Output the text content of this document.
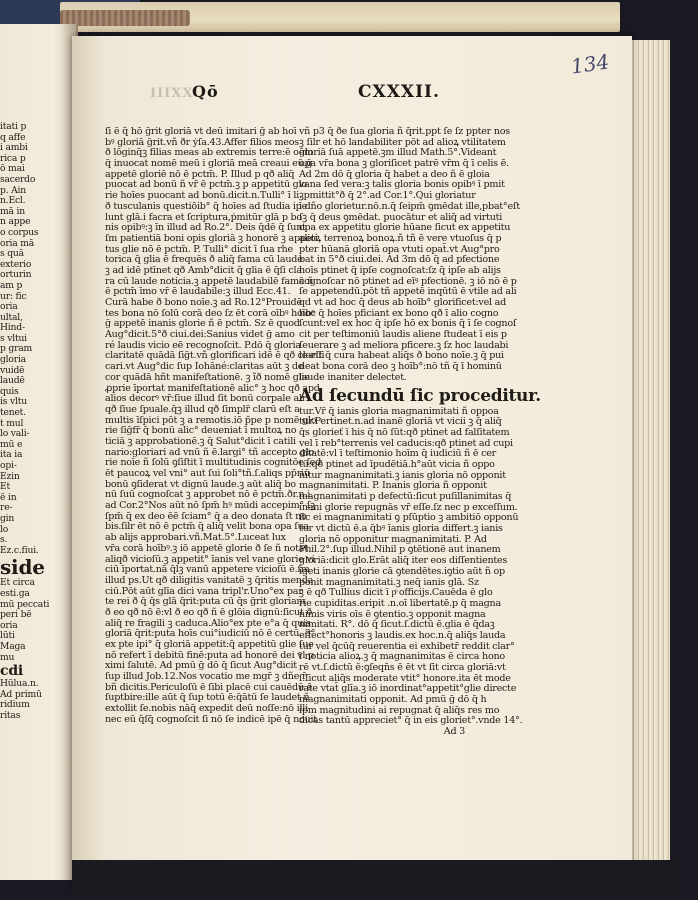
itati p
q affe
i ambi
rica p
ō mai
sacerdo
p. Ain
n.Ecl.
mā in
n appe
o corpus
oria mā
s quā
exterio
orturin
am p
ur: fic
oria
ultal,
Hind-
s vltui
p gram
gloria
vuidē
laudē
quis
is vltu
tenet.
t mul
lo vali-
mū e
ita ia
opi-
Ezin
Et
ē in
re-
gin
lo
s.
Ez.c.fiui.
side
Et circa
esti.ga
mū peccati
peri bē
oria
lūti
Maga
mu
cdi
Hūlua.n.
Ad primū
ridium
ritas
134
IIIXX
Qō	CXXXII.
ſi ē q̄ hō ḡrit gloriā vt deū imitari ḡ ab hoī
bꝰ gloriā ḡrit.vñ ðr ẏſa.43.Affer filios meos
ð lōginq̄ꝫ filias meas ab extremis terre:ē oēm
q̄ inuocat nomē meū i gloriā meā creaui eū.ḡ
appetē gloriē nō ē pctm̄. P. Illud p qð aliq̄
puocat ad bonū ñ vr̄ ē pctm̄.ꝫ p appetitū glo
rie hoīes puocant ad bonū.dicit.n.Tulli° ī li.
ð tusculanis questiōib° q̄ hoīes ad ſtudia ipe
lunt glā.i facra et ſcriptura,ṗmitūr glā p bo
nis opibꝰ:ꝫ īn illud ad Ro.2°. Deis q̄dē q̄ ſunt
ſm patientiā boni opis gloriā ꝫ honorē ꝫ appeti
tus glie nō ē pctm̄. P. Tulli° dicit ī ſua rhe
torica q̄ glia ē frequēs ð aliq̄ fama cū laude
ꝫ ad idē ptīnet qð Amb°dicit q̄ glia ē q̄ſi cla
ra cū laude noticia.ꝫ appetē laudabilē famā ñ
ē pctm̄ īmo vr̄ ē laudabile:ꝫ illud Ecc.41.
Curā habe ð bono noīe.ꝫ ad Ro.12°Prouidē
tes bona nō ſolū corā deo ſz ēt corā oībꝰ hoībꝰ
ḡ appetē inanis glorie ñ ē pctm̄. Sz ē quod
Aug°dicit.5°ð ciui.dei:Sanius videt ḡ amo
ré laudis vicio eē recognoſcit. P.dō q̄ gloria
claritatē quādā ſiḡt.vñ glorificari idē ē qð clarifi
cari.vt Aug°dic ſup Iohāné:claritas aūt ꝫ de
cor quādā hñt manifeſtationē. ꝫ ĩð nomē glie
ꝓprie īportat manifeſtationē alic° ꝫ hoc qð apd
alios decorꝰ vr̄:ſiue illud ſit bonū corpale ali
qð ſiue ſpuale.q̄ꝫ illud qð ſimplr̄ clarū eſt a
multis īſpici pōt ꝫ a remotis.iō p̄pe p nomē glo
rie ſiḡfr̄ q̄ bonū alic° deueniat ī multoꝝ no
ticiā ꝫ approbationē.ꝫ q̄ Salut°dicit ī catili
nario:gloriari ad vnū ñ ē.largi° tñ accepto glo
rie noīe ñ ſolū ꝯſiſtit ī multitudinis cognitōe ſed
ēt paucoꝝ vel vni° aut ſui ſoli°tñ.ſ.aliqs pp̄riū
bonū ꝯſiderat vt dignū laude.ꝫ aūt aliq̄ bo
nū ſuū cognoſcat ꝫ approbet nō ē pctm̄.ðr.n.i.
ad Cor.2°Nos aūt nō ſpm̄ hꝰ mūdi accepim° ſꝫ
ſpm̄ q̄ ex deo ēē ſciam° q̄ a deo donata ſt no
bis.ſilr ēt nō ē pctm̄ q̄ aliq̄ velit bona opa ſua
ab alijs approbari.vñ.Mat.5°.Luceat lux
vr̄a corā hoībꝰ.ꝫ iō appetē glorie ð ſe ñ notat
aliqð vicioſū.ꝫ appetit° īanis vel vane glorie vi
ciū īportat.nā q̄lꝫ vanū appetere vicioſū ē.ſm
illud ps.Ut qð diligitis vanitatē ꝫ q̄ritis menda
ciū.Pōt aūt glīa dici vana tripl'r.Uno°ex par
te rei ð q̄ q̄s glā q̄rit:puta cū q̄s ḡrit gloriam
ð eo qð nō ē:vl ð eo qð ñ ē glōia dignū:ſicut ð
aliq̄ re fragili ꝫ caduca.Alio°ex pte e°a q̄ quis
gloriā q̄rit:puta hoīs cui°iudiciū nō ē certū. 3°
ex pte ipi° q̄ gloriā appetit:q̄ appetitū glie ſue
nō refert ī debitū finē:puta ad honorē dei vl p
ximi ſalutē. Ad pmū ḡ dō q̄ ſicut Aug°dicit
ſup illud Job.12.Nos vocatio me mgr̄ ꝫ dñe r̄
bñ dicitis.Periculoſū ē ſibi placē cui cauēdū ē
ſuptbire:ille aūt q̄ ſup totū ē:q̄ātū ſe laudet ñ
extollit ſe.nobis nāq̄ expedit deū noſſe:nō illi
nec eū q̄ſq̄ cognoſcit ſi nō ſe indicē ipē q̄ nouit
vñ p3 q̄ ðe ſua gloria ñ q̄rit.ppt ſe ſz ppter nos
ꝫ ſilr et hō landabiliter pōt ad alioꝝ vtilitatem
gloriā ſuā appetē.ꝫm illud Math.5°.Videant
opa vr̄a bona ꝫ gloriſicet patrē vr̄m q̄ ī celis ē.
Ad 2m dō q̄ gloria q̄ habet a deo ñ ē gloia
vana ſed vera:ꝫ talis gloria bonis opibꝰ ī pmit
ꝫpmittit°ð q̄ 2°.ad Cor.1°.Qui gloriatur
ī dño glorietur.nō.n.q̄ ſeipm̄ ꝯmēdat ille,pbat°eſt
ſꝫ q̄ deus ꝯmēdat. puocātur et aliq̄ ad virtuti
opa ex appetitu glorie hūane ſicut ex appetitu
alioꝝ terrenoꝝ bonoꝝ.ñ tñ ē vere vtuoſus q̄ p
pter hūanā gloriā opa vtuti opat̄.vt Aug°pro
bat in 5°ð ciui.dei. Ad 3m dō q̄ ad pfectione
hoīs ptinet q̄ ipſe cognoſcat:ſz q̄ ipſe ab alijs
cognoſcar nō ptinet ad eīꝰ pfectionē. ꝫ iō nō ē p
ſe appetendū.pōt tñ appetē inqūtū ē vtile ad ali
qd vt ad hoc q̄ deus ab hoīb° glorificet:vel ad
hoc q̄ hoīes pficiant ex bono qð ī alio cogno
ſcunt:vel ex hoc q̄ ipſe hō ex bonis q̄ ī ſe cognoſ
cit per teſtimoniū laudis aliene ſtudeat ī eis p
ſeuerare ꝫ ad meliora pficere.ꝫ ſz hoc laudabi
le eſt q̄ cura habeat aliq̄s ð bono noīe.ꝫ q̄ pui
deat bona corā deo ꝫ hoīb°:nō tñ q̄ ī hominū
laude inaniter delectet.
Ad ſecundū ſic proceditur.
tur.Vr̄ q̄ ianis gloria magnanimitati ñ oppoa
tur.Pertinet.n.ad inanē gloriā vt vicii ꝫ q̄ aliq̄
q̄s glorieť ī his q̄ nō ſūt:qð ptinet ad falſitatem
vel ī reb°terrenis vel caducis:qð ptinet ad cupi
ditatē:vl ī teſtimonio hoīm q̄ iudiciū ñ ē cer
tū:qð ptinet ad īpudētiā.h°aūt vicia ñ oppo
nitur magnanimitati.ꝫ ianis gloria nō opponit
magnanimitati. P. Inanis gloria ñ opponit
magnanimitati p defectū:ſicut puſillanimitas q̄
inani glorie repugnās vr̄ eſſe.ſz nec p exceſſum.
ſic ei magnanimitati ꝯ pſūptio ꝫ ambitiō opponū
tur vt dictū ē.a q̄bꝰ īanis gloria differt.ꝫ ianis
gloria nō opponitur magnanimitati. P. Ad
Phil.2°.ſup illud.Nihil p ꝯtētionē aut inanem
gloriā:dicit glo.Erāt aliq̄ iter eos diſſentientes
igeti inanis glorie cā ꝯtendētes.iꝯtio aūt ñ op
ponit magnanimitati.ꝫ neq̄ ianis glā. Sz
ꝫ ē qð Tullius dicit ī pͦ officijs.Cauēda ē glo
rie cupiditas.eripit .n.oī libertatē.p q̄ magna
nimis viris oīs ē ꝯtentio.ꝫ opponit magna
nimitati. R°. dō q̄ ſicut.ſ.dictū ē.glia ē q̄daꝫ
effect°honoris ꝫ laudis.ex hoc.n.q̄ aliq̄s lauda
tur vel q̄cūq̄ reuerentia ei exhibetr̄ reddit clar°
ī noticia alioꝝ.ꝫ q̄ magnanimitas ē circa hono
rē vt.ſ.dictū ē:ꝯſeqn̄s ē ēt vt ſit circa gloriā:vt
ſ.ſicut aliq̄s moderate vtit° honore.ita ēt mode
rate vtat̄ glīa.ꝫ iō inordinat°appetit°glie directe
magnanimitati opponit. Ad pmū ḡ dō q̄ h
ipm magnitudini ai repugnat q̄ aliq̄s res mo
dicas tantū appreciet° q̄ in eis gloriet°.vnde 14°.
Ad 3
